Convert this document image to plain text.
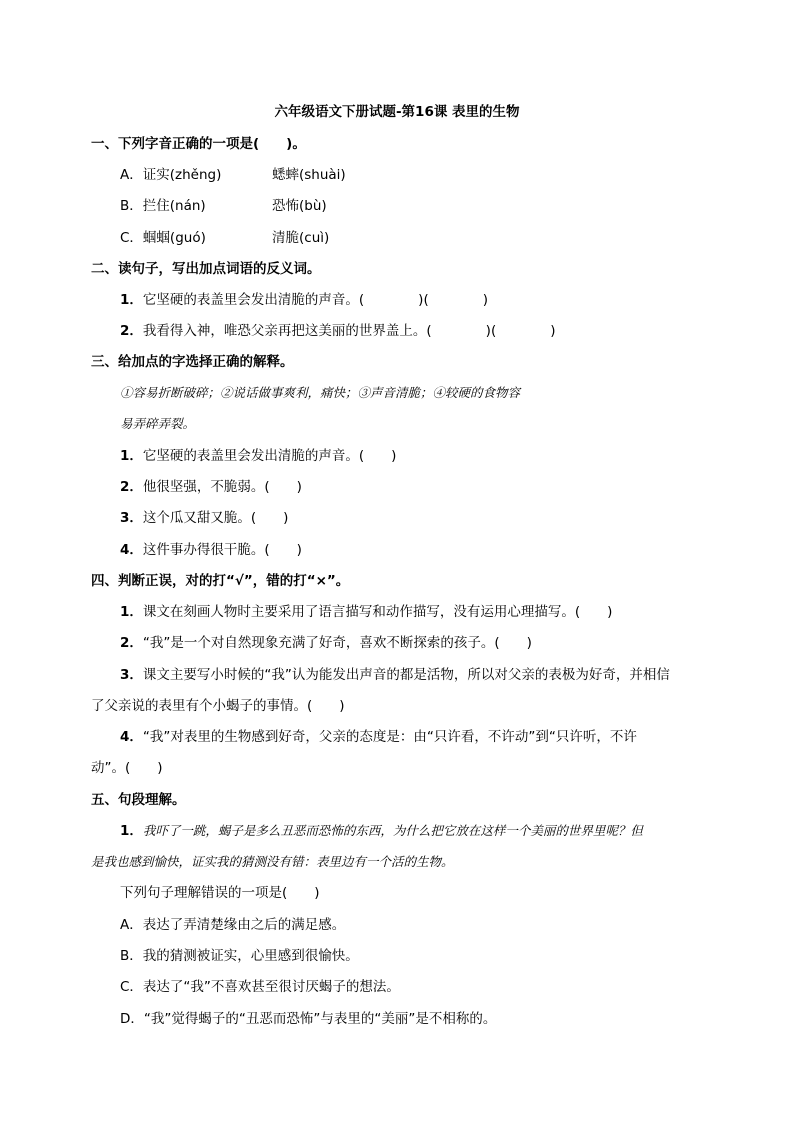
六年级语文下册试题-第16课 表里的生物
一、下列字音正确的一项是(　　)。
A．证实(zhěng)	蟋蟀(shuài)
B．拦住(nán)	恐怖(bù)
C．蝈蝈(guó)	清脆(cuì)
二、读句子，写出加点词语的反义词。
1．它坚硬的表盖里会发出清脆的声音。(　　　　)(　　　　)
2．我看得入神，唯恐父亲再把这美丽的世界盖上。(　　　　)(　　　　)
三、给加点的字选择正确的解释。
①容易折断破碎；②说话做事爽利，痛快；③声音清脆；④较硬的食物容
易弄碎弄裂。
1．它坚硬的表盖里会发出清脆的声音。(　　)
2．他很坚强，不脆弱。(　　)
3．这个瓜又甜又脆。(　　)
4．这件事办得很干脆。(　　)
四、判断正误，对的打“√”，错的打“×”。
1．课文在刻画人物时主要采用了语言描写和动作描写，没有运用心理描写。(　　)
2．“我”是一个对自然现象充满了好奇，喜欢不断探索的孩子。(　　)
3．课文主要写小时候的“我”认为能发出声音的都是活物，所以对父亲的表极为好奇，并相信
了父亲说的表里有个小蝎子的事情。(　　)
4．“我”对表里的生物感到好奇，父亲的态度是：由“只许看，不许动”到“只许听，不许
动”。(　　)
五、句段理解。
1．我吓了一跳，蝎子是多么丑恶而恐怖的东西，为什么把它放在这样一个美丽的世界里呢？但
是我也感到愉快，证实我的猜测没有错：表里边有一个活的生物。
下列句子理解错误的一项是(　　)
A．表达了弄清楚缘由之后的满足感。
B．我的猜测被证实，心里感到很愉快。
C．表达了“我”不喜欢甚至很讨厌蝎子的想法。
D．“我”觉得蝎子的“丑恶而恐怖”与表里的“美丽”是不相称的。
